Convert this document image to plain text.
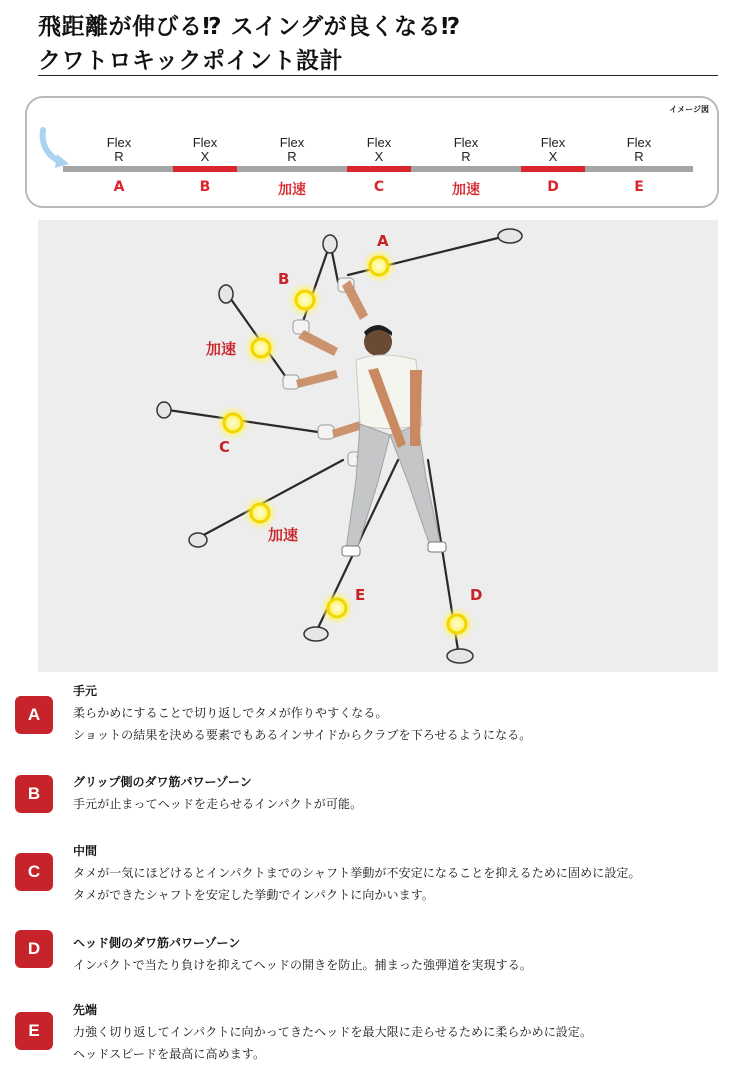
飛距離が伸びる⁉ スイングが良くなる⁉
クワトロキックポイント設計
イメージ図
Flex
R
Flex
X
Flex
R
Flex
X
Flex
R
Flex
X
Flex
R
A	B	加速	C	加速	D	E
A
B
加速
C
加速
E	D
A
手元
柔らかめにすることで切り返しでタメが作りやすくなる。
ショットの結果を決める要素でもあるインサイドからクラブを下ろせるようになる。
B
グリップ側のダワ筋パワーゾーン
手元が止まってヘッドを走らせるインパクトが可能。
C
中間
タメが一気にほどけるとインパクトまでのシャフト挙動が不安定になることを抑えるために固めに設定。
タメができたシャフトを安定した挙動でインパクトに向かいます。
D	ヘッド側のダワ筋パワーゾーン
インパクトで当たり負けを抑えてヘッドの開きを防止。捕まった強弾道を実現する。
E
先端
力強く切り返してインパクトに向かってきたヘッドを最大限に走らせるために柔らかめに設定。
ヘッドスピードを最高に高めます。
